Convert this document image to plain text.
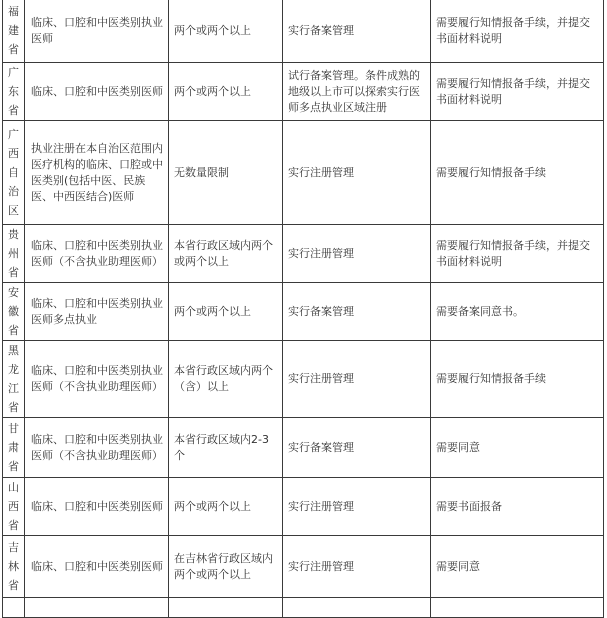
福建省	临床、口腔和中医类别执业医师	两个或两个以上	实行备案管理	需要履行知情报备手续，并提交书面材料说明

广东省	临床、口腔和中医类别医师	两个或两个以上	试行备案管理。条件成熟的地级以上市可以探索实行医师多点执业区域注册	需要履行知情报备手续，并提交书面材料说明

广西自治区	执业注册在本自治区范围内医疗机构的临床、口腔或中医类别(包括中医、民族医、中西医结合)医师	无数量限制	实行注册管理	需要履行知情报备手续

贵州省	临床、口腔和中医类别执业医师（不含执业助理医师）	本省行政区域内两个或两个以上	实行注册管理	需要履行知情报备手续，并提交书面材料说明

安徽省	临床、口腔和中医类别执业医师多点执业	两个或两个以上	实行备案管理	需要备案同意书。

黑龙江省	临床、口腔和中医类别执业医师（不含执业助理医师）	本省行政区域内两个（含）以上	实行注册管理	需要履行知情报备手续

甘肃省	临床、口腔和中医类别执业医师（不含执业助理医师）	本省行政区域内2-3个	实行备案管理	需要同意

山西省	临床、口腔和中医类别医师	两个或两个以上	实行注册管理	需要书面报备

吉林省	临床、口腔和中医类别医师	在吉林省行政区域内两个或两个以上	实行注册管理	需要同意
